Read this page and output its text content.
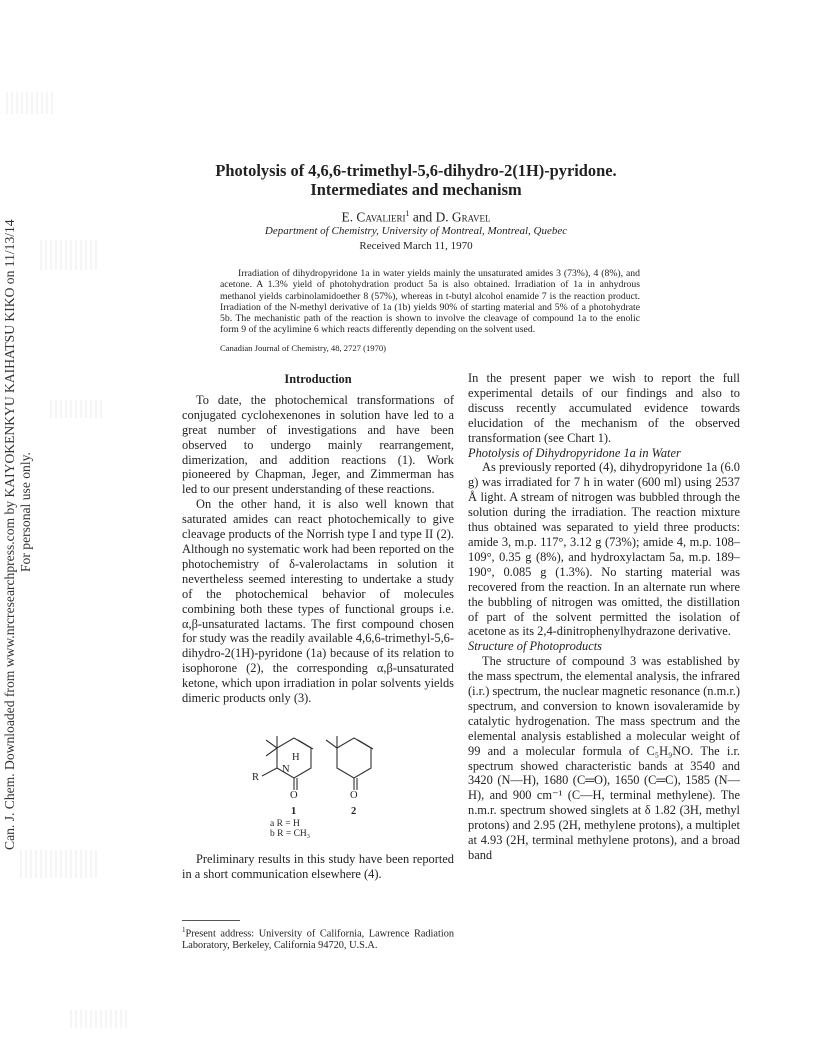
Can. J. Chem. Downloaded from www.nrcresearchpress.com by KAIYOKENKYU KAIHATSU KIKO on 11/13/14 For personal use only.
Photolysis of 4,6,6-trimethyl-5,6-dihydro-2(1H)-pyridone.
Intermediates and mechanism
E. Cavalieri$^1$ and D. Gravel
Department of Chemistry, University of Montreal, Montreal, Quebec
Received March 11, 1970
Irradiation of dihydropyridone 1a in water yields mainly the unsaturated amides 3 (73%), 4 (8%), and acetone. A 1.3% yield of photohydration product 5a is also obtained. Irradiation of 1a in anhydrous methanol yields carbinolamidoether 8 (57%), whereas in t-butyl alcohol enamide 7 is the reaction product. Irradiation of the N-methyl derivative of 1a (1b) yields 90% of starting material and 5% of a photohydrate 5b. The mechanistic path of the reaction is shown to involve the cleavage of compound 1a to the enolic form 9 of the acylimine 6 which reacts differently depending on the solvent used.
Canadian Journal of Chemistry, 48, 2727 (1970)
Introduction

To date, the photochemical transformations of conjugated cyclohexenones in solution have led to a great number of investigations and have been observed to undergo mainly rearrangement, dimerization, and addition reactions (1). Work pioneered by Chapman, Jeger, and Zimmerman has led to our present understanding of these reactions.

On the other hand, it is also well known that saturated amides can react photochemically to give cleavage products of the Norrish type I and type II (2). Although no systematic work had been reported on the photochemistry of δ-valerolactams in solution it nevertheless seemed interesting to undertake a study of the photochemical behavior of molecules combining both these types of functional groups i.e. α,β-unsaturated lactams. The first compound chosen for study was the readily available 4,6,6-trimethyl-5,6-dihydro-2(1H)-pyridone (1a) because of its relation to isophorone (2), the corresponding α,β-unsaturated ketone, which upon irradiation in polar solvents yields dimeric products only (3).

N
H
R
O	O
1	2
a R = H
b R = CH₃

Preliminary results in this study have been reported in a short communication elsewhere (4).

$^1$Present address: University of California, Lawrence Radiation Laboratory, Berkeley, California 94720, U.S.A.

In the present paper we wish to report the full experimental details of our findings and also to discuss recently accumulated evidence towards elucidation of the mechanism of the observed transformation (see Chart 1).

Photolysis of Dihydropyridone 1a in Water

As previously reported (4), dihydropyridone 1a (6.0 g) was irradiated for 7 h in water (600 ml) using 2537 Å light. A stream of nitrogen was bubbled through the solution during the irradiation. The reaction mixture thus obtained was separated to yield three products: amide 3, m.p. 117°, 3.12 g (73%); amide 4, m.p. 108–109°, 0.35 g (8%), and hydroxylactam 5a, m.p. 189–190°, 0.085 g (1.3%). No starting material was recovered from the reaction. In an alternate run where the bubbling of nitrogen was omitted, the distillation of part of the solvent permitted the isolation of acetone as its 2,4-dinitrophenylhydrazone derivative.

Structure of Photoproducts

The structure of compound 3 was established by the mass spectrum, the elemental analysis, the infrared (i.r.) spectrum, the nuclear magnetic resonance (n.m.r.) spectrum, and conversion to known isovaleramide by catalytic hydrogenation. The mass spectrum and the elemental analysis established a molecular weight of 99 and a molecular formula of C₅H₉NO. The i.r. spectrum showed characteristic bands at 3540 and 3420 (N—H), 1680 (C═O), 1650 (C═C), 1585 (N—H), and 900 cm⁻¹ (C—H, terminal methylene). The n.m.r. spectrum showed singlets at δ 1.82 (3H, methyl protons) and 2.95 (2H, methylene protons), a multiplet at 4.93 (2H, terminal methylene protons), and a broad band
